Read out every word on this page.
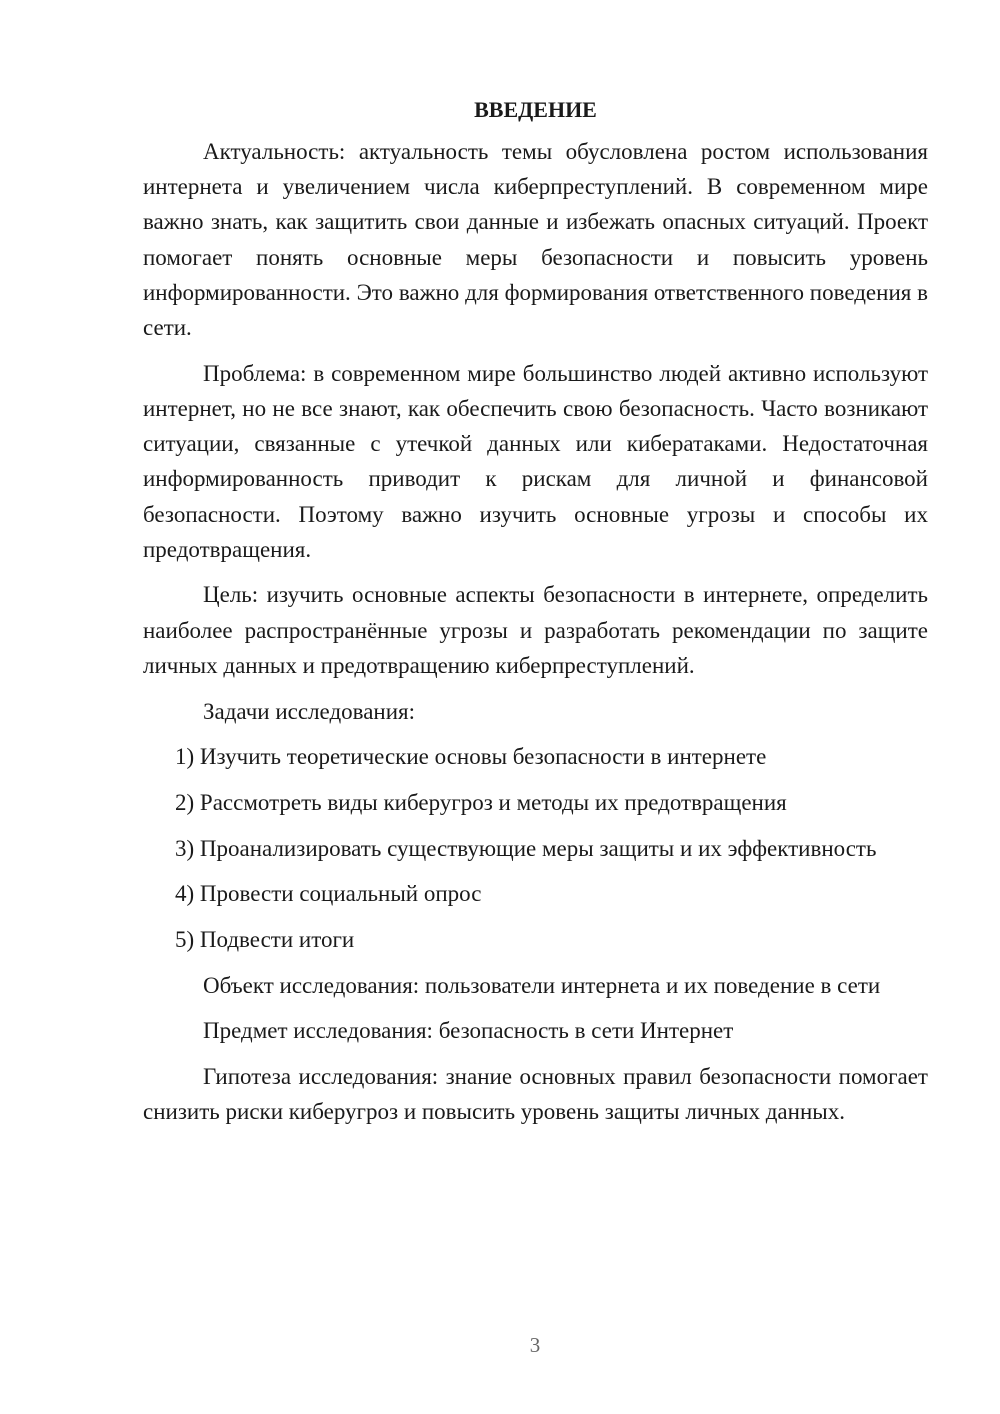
ВВЕДЕНИЕ

Актуальность: актуальность темы обусловлена ростом использования интернета и увеличением числа киберпреступлений. В современном мире важно знать, как защитить свои данные и избежать опасных ситуаций. Проект помогает понять основные меры безопасности и повысить уровень информированности. Это важно для формирования ответственного поведения в сети.

Проблема: в современном мире большинство людей активно используют интернет, но не все знают, как обеспечить свою безопасность. Часто возникают ситуации, связанные с утечкой данных или кибератаками. Недостаточная информированность приводит к рискам для личной и финансовой безопасности. Поэтому важно изучить основные угрозы и способы их предотвращения.

Цель: изучить основные аспекты безопасности в интернете, определить наиболее распространённые угрозы и разработать рекомендации по защите личных данных и предотвращению киберпреступлений.

Задачи исследования:

1) Изучить теоретические основы безопасности в интернете

2) Рассмотреть виды киберугроз и методы их предотвращения

3) Проанализировать существующие меры защиты и их эффективность

4) Провести социальный опрос

5) Подвести итоги

Объект исследования: пользователи интернета и их поведение в сети

Предмет исследования: безопасность в сети Интернет

Гипотеза исследования: знание основных правил безопасности помогает снизить риски киберугроз и повысить уровень защиты личных данных.

3
